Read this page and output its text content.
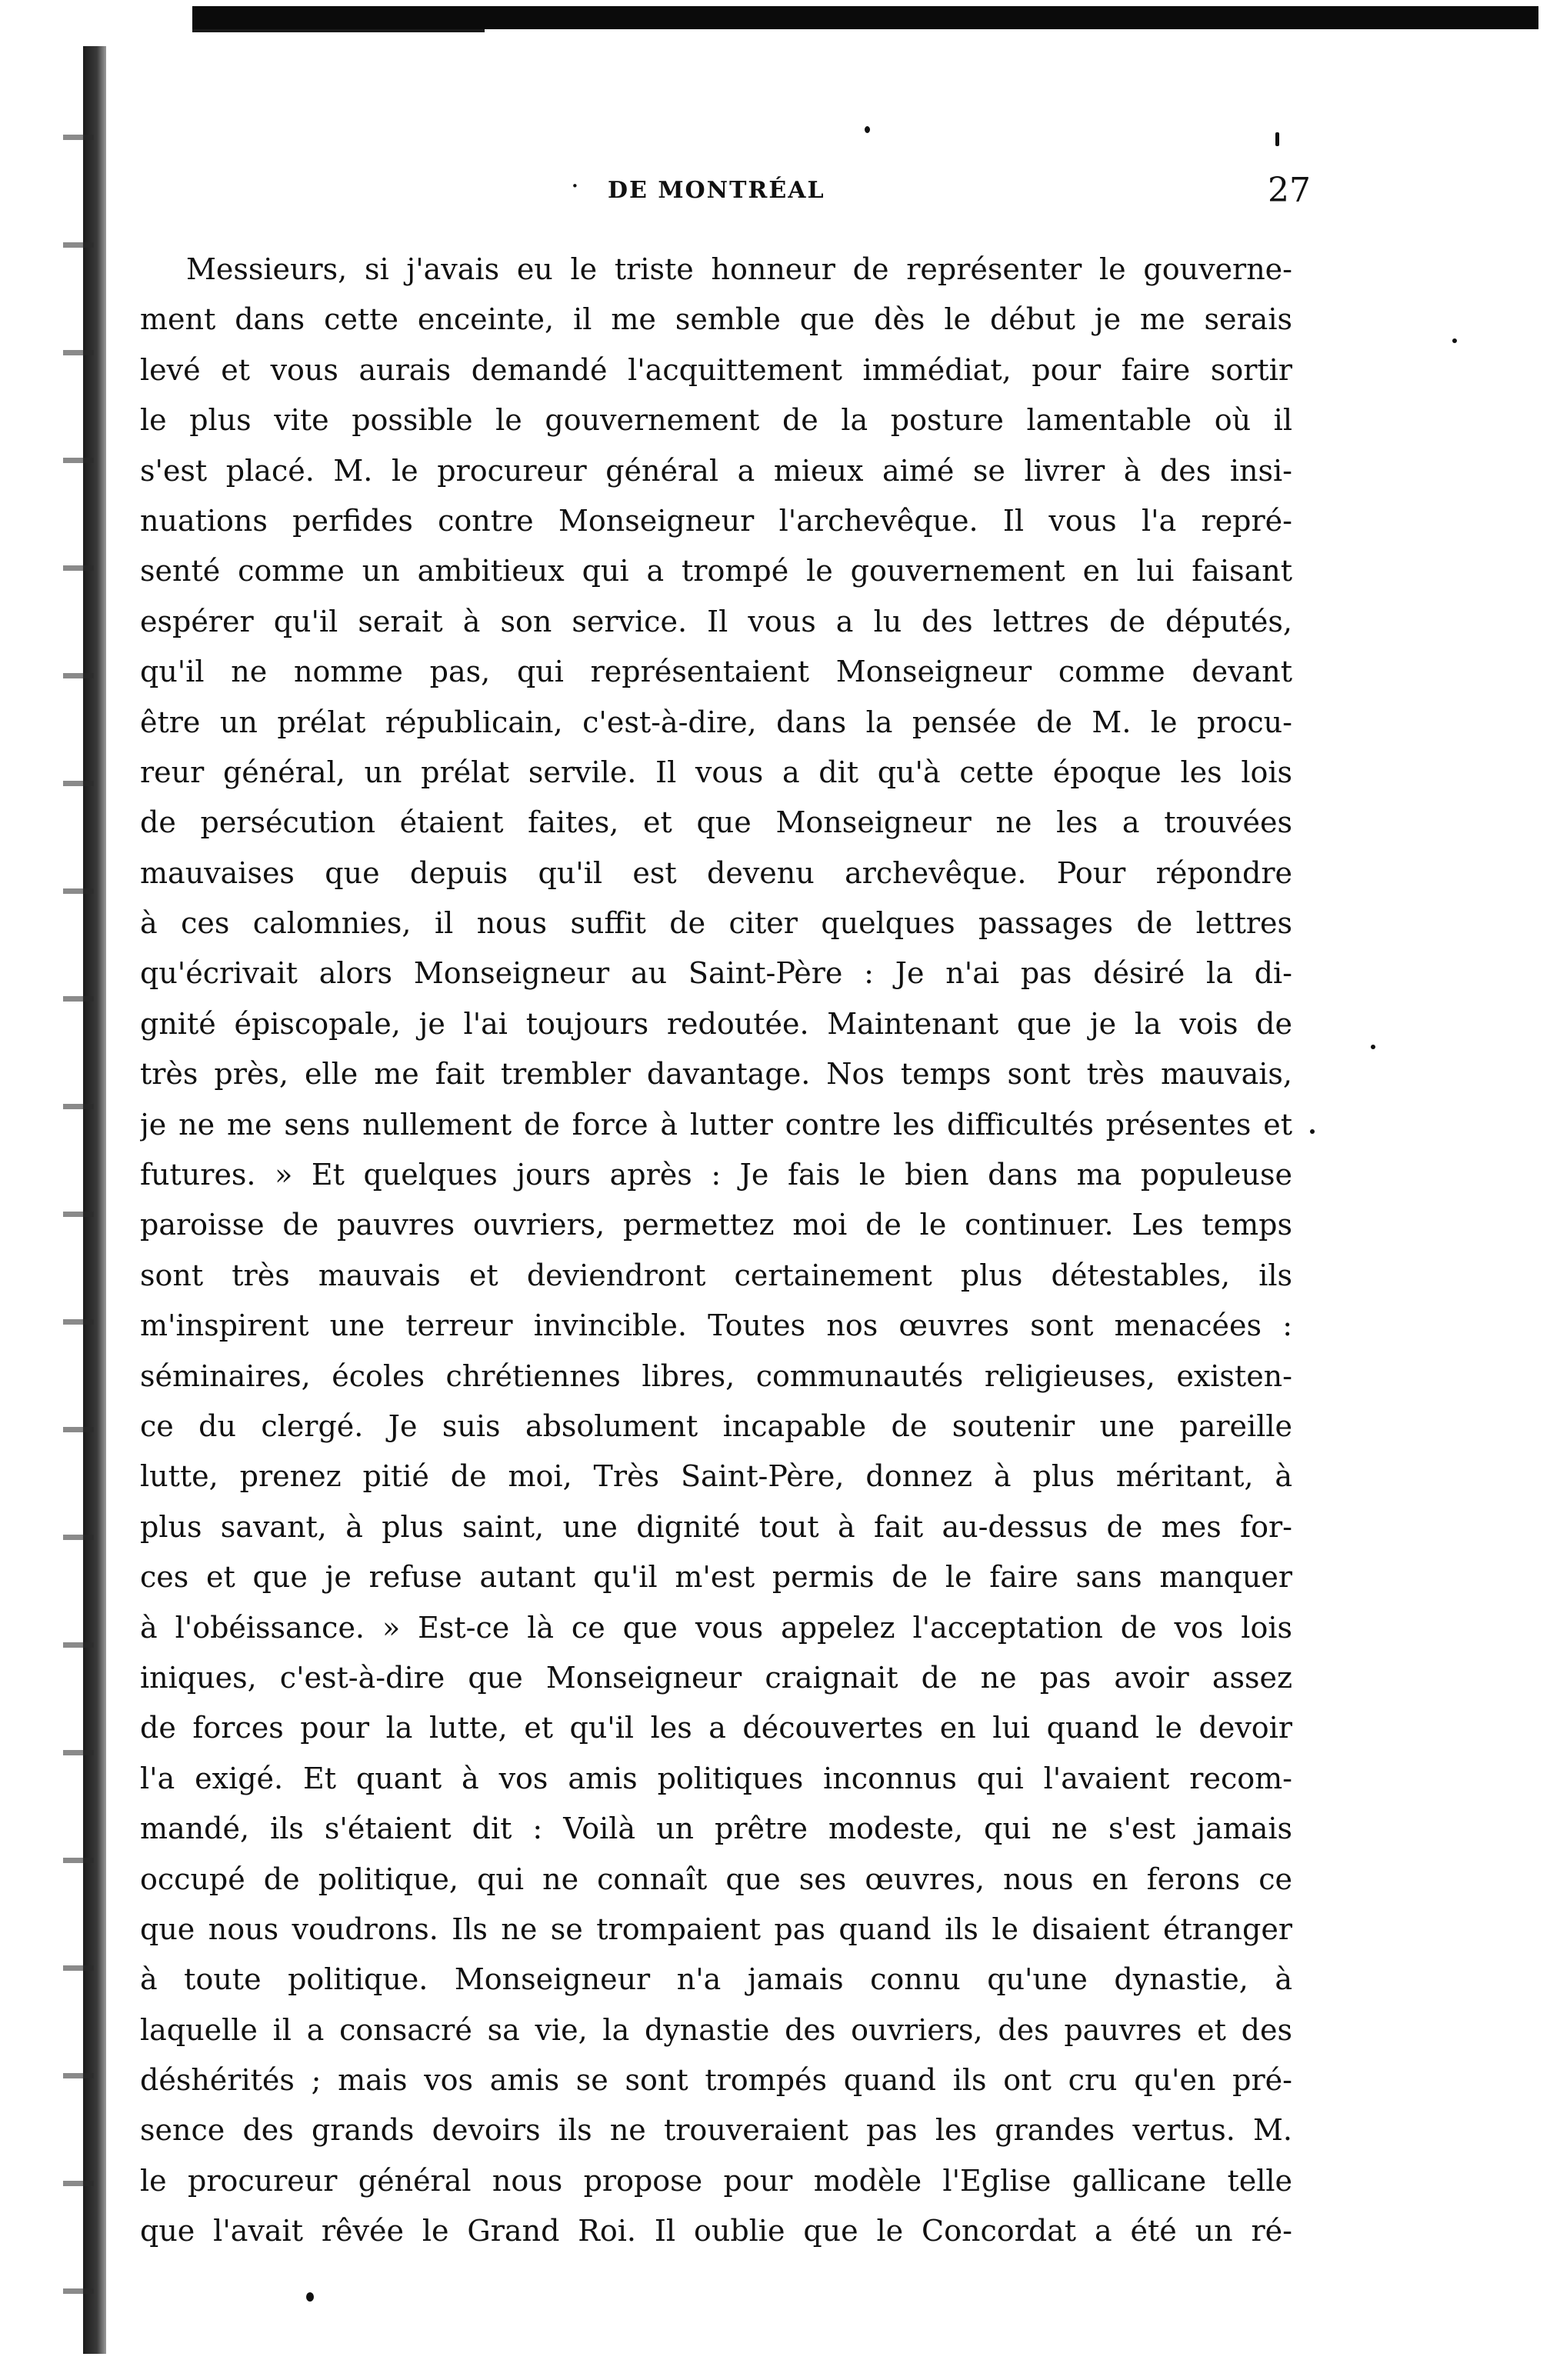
· DE MONTRÉAL	27
Messieurs, si j'avais eu le triste honneur de représenter le gouverne-
ment dans cette enceinte, il me semble que dès le début je me serais
levé et vous aurais demandé l'acquittement immédiat, pour faire sortir
le plus vite possible le gouvernement de la posture lamentable où il
s'est placé. M. le procureur général a mieux aimé se livrer à des insi-
nuations perfides contre Monseigneur l'archevêque. Il vous l'a repré-
senté comme un ambitieux qui a trompé le gouvernement en lui faisant
espérer qu'il serait à son service. Il vous a lu des lettres de députés,
qu'il ne nomme pas, qui représentaient Monseigneur comme devant
être un prélat républicain, c'est-à-dire, dans la pensée de M. le procu-
reur général, un prélat servile. Il vous a dit qu'à cette époque les lois
de persécution étaient faites, et que Monseigneur ne les a trouvées
mauvaises que depuis qu'il est devenu archevêque. Pour répondre
à ces calomnies, il nous suffit de citer quelques passages de lettres
qu'écrivait alors Monseigneur au Saint-Père : Je n'ai pas désiré la di-
gnité épiscopale, je l'ai toujours redoutée. Maintenant que je la vois de
très près, elle me fait trembler davantage. Nos temps sont très mauvais,
je ne me sens nullement de force à lutter contre les difficultés présentes et
futures. » Et quelques jours après : Je fais le bien dans ma populeuse
paroisse de pauvres ouvriers, permettez moi de le continuer. Les temps
sont très mauvais et deviendront certainement plus détestables, ils
m'inspirent une terreur invincible. Toutes nos œuvres sont menacées :
séminaires, écoles chrétiennes libres, communautés religieuses, existen-
ce du clergé. Je suis absolument incapable de soutenir une pareille
lutte, prenez pitié de moi, Très Saint-Père, donnez à plus méritant, à
plus savant, à plus saint, une dignité tout à fait au-dessus de mes for-
ces et que je refuse autant qu'il m'est permis de le faire sans manquer
à l'obéissance. » Est-ce là ce que vous appelez l'acceptation de vos lois
iniques, c'est-à-dire que Monseigneur craignait de ne pas avoir assez
de forces pour la lutte, et qu'il les a découvertes en lui quand le devoir
l'a exigé. Et quant à vos amis politiques inconnus qui l'avaient recom-
mandé, ils s'étaient dit : Voilà un prêtre modeste, qui ne s'est jamais
occupé de politique, qui ne connaît que ses œuvres, nous en ferons ce
que nous voudrons. Ils ne se trompaient pas quand ils le disaient étranger
à toute politique. Monseigneur n'a jamais connu qu'une dynastie, à
laquelle il a consacré sa vie, la dynastie des ouvriers, des pauvres et des
déshérités ; mais vos amis se sont trompés quand ils ont cru qu'en pré-
sence des grands devoirs ils ne trouveraient pas les grandes vertus. M.
le procureur général nous propose pour modèle l'Eglise gallicane telle
que l'avait rêvée le Grand Roi. Il oublie que le Concordat a été un ré-
